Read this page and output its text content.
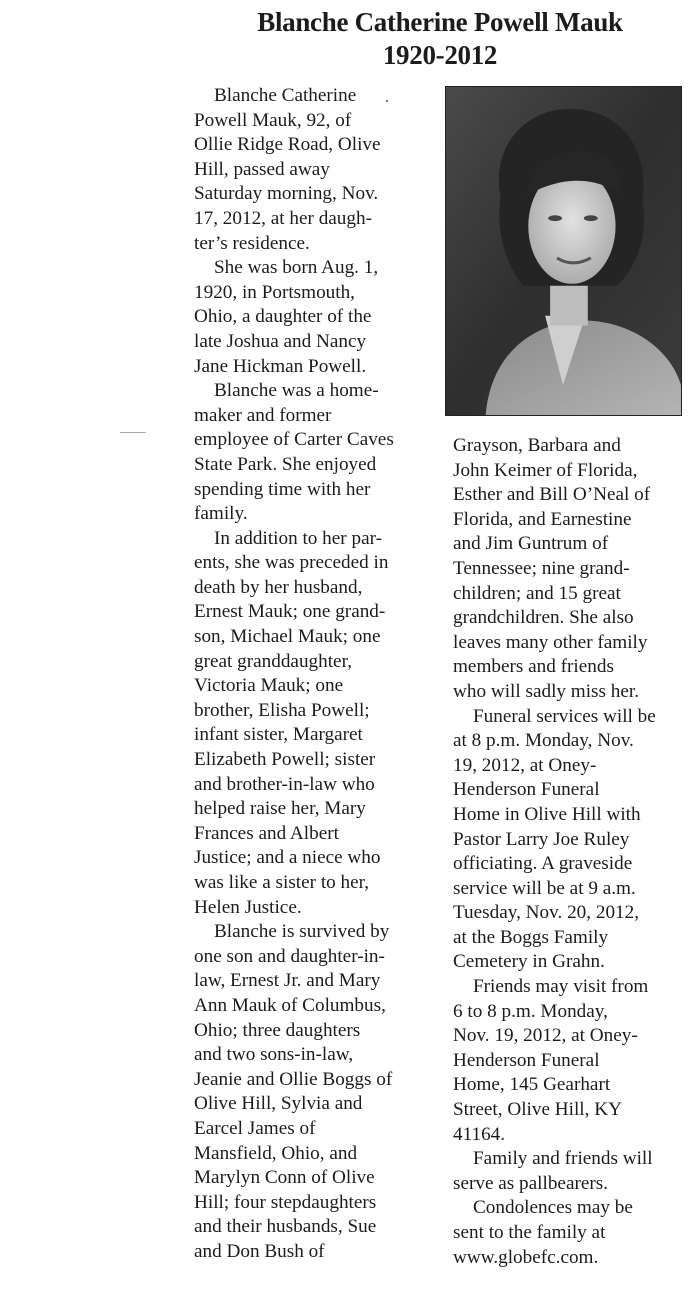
Blanche Catherine Powell Mauk
1920-2012
Blanche Catherine
Powell Mauk, 92, of
Ollie Ridge Road, Olive
Hill, passed away
Saturday morning, Nov.
17, 2012, at her daugh-
ter’s residence.
She was born Aug. 1,
1920, in Portsmouth,
Ohio, a daughter of the
late Joshua and Nancy
Jane Hickman Powell.
Blanche was a home-
maker and former
employee of Carter Caves
State Park. She enjoyed
spending time with her
family.
In addition to her par-
ents, she was preceded in
death by her husband,
Ernest Mauk; one grand-
son, Michael Mauk; one
great granddaughter,
Victoria Mauk; one
brother, Elisha Powell;
infant sister, Margaret
Elizabeth Powell; sister
and brother-in-law who
helped raise her, Mary
Frances and Albert
Justice; and a niece who
was like a sister to her,
Helen Justice.
Blanche is survived by
one son and daughter-in-
law, Ernest Jr. and Mary
Ann Mauk of Columbus,
Ohio; three daughters
and two sons-in-law,
Jeanie and Ollie Boggs of
Olive Hill, Sylvia and
Earcel James of
Mansfield, Ohio, and
Marylyn Conn of Olive
Hill; four stepdaughters
and their husbands, Sue
and Don Bush of
Grayson, Barbara and
John Keimer of Florida,
Esther and Bill O’Neal of
Florida, and Earnestine
and Jim Guntrum of
Tennessee; nine grand-
children; and 15 great
grandchildren. She also
leaves many other family
members and friends
who will sadly miss her.
Funeral services will be
at 8 p.m. Monday, Nov.
19, 2012, at Oney-
Henderson Funeral
Home in Olive Hill with
Pastor Larry Joe Ruley
officiating. A graveside
service will be at 9 a.m.
Tuesday, Nov. 20, 2012,
at the Boggs Family
Cemetery in Grahn.
Friends may visit from
6 to 8 p.m. Monday,
Nov. 19, 2012, at Oney-
Henderson Funeral
Home, 145 Gearhart
Street, Olive Hill, KY
41164.
Family and friends will
serve as pallbearers.
Condolences may be
sent to the family at
www.globefc.com.
